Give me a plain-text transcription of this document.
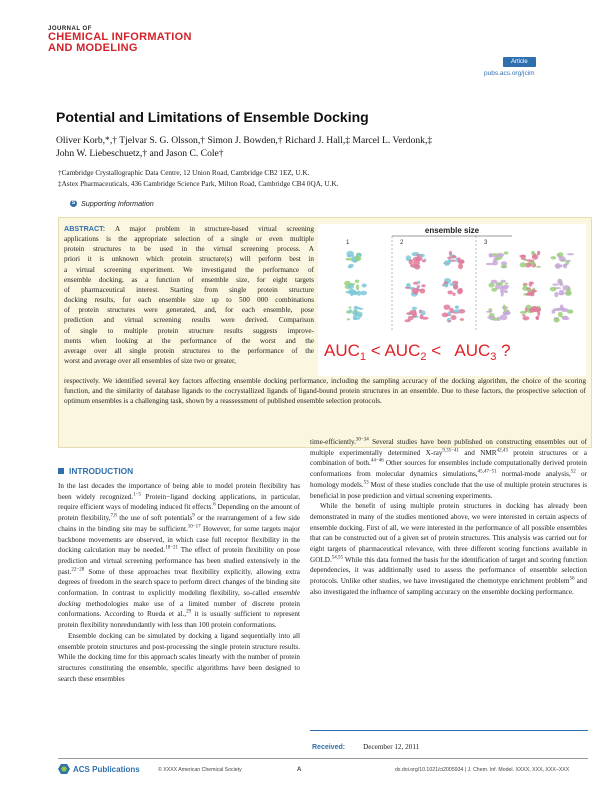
JOURNAL OF
CHEMICAL INFORMATION
AND MODELING
Article
pubs.acs.org/jcim
Potential and Limitations of Ensemble Docking
Oliver Korb,*,† Tjelvar S. G. Olsson,† Simon J. Bowden,† Richard J. Hall,‡ Marcel L. Verdonk,‡
John W. Liebeschuetz,† and Jason C. Cole†
†Cambridge Crystallographic Data Centre, 12 Union Road, Cambridge CB2 1EZ, U.K.
‡Astex Pharmaceuticals, 436 Cambridge Science Park, Milton Road, Cambridge CB4 0QA, U.K.
S Supporting Information
ABSTRACT: A major problem in structure-based virtual screening
applications is the appropriate selection of a single or even multiple
protein structures to be used in the virtual screening process. A
priori it is unknown which protein structure(s) will perform best in
a virtual screening experiment. We investigated the performance of
ensemble docking, as a function of ensemble size, for eight targets
of pharmaceutical interest. Starting from single protein structure
docking results, for each ensemble size up to 500 000 combinations
of protein structures were generated, and, for each ensemble, pose
prediction and virtual screening results were derived. Comparison
of single to multiple protein structure results suggests improve-
ments when looking at the performance of the worst and the
average over all single protein structures to the performance of the
worst and average over all ensembles of size two or greater,
respectively. We identified several key factors affecting ensemble docking performance, including the sampling accuracy of the docking algorithm, the choice of the scoring function, and the similarity of database ligands to the cocrystallized ligands of ligand-bound protein structures in an ensemble. Due to these factors, the prospective selection of optimum ensembles is a challenging task, shown by a reassessment of published ensemble selection protocols.
ensemble size
1	2	3
$AUC_1 < AUC_2 < AUC_3$ ?
INTRODUCTION

In the last decades the importance of being able to model protein flexibility has been widely recognized.$^{1-5}$ Protein−ligand docking applications, in particular, require efficient ways of modeling induced fit effects.$^6$ Depending on the amount of protein flexibility,$^{7,8}$ the use of soft potentials$^9$ or the rearrangement of a few side chains in the binding site may be sufficient.$^{10-17}$ However, for some targets major backbone movements are observed, in which case full receptor flexibility in the docking calculation may be needed.$^{18-21}$ The effect of protein flexibility on pose prediction and virtual screening performance has been studied extensively in the past.$^{22-28}$ Some of these approaches treat flexibility explicitly, allowing extra degrees of freedom in the search space to perform direct changes of the binding site conformation. In contrast to explicitly modeling flexibility, so-called ensemble docking methodologies make use of a limited number of discrete protein conformations. According to Rueda et al.,$^{29}$ it is usually sufficient to represent protein flexibility nonredundantly with less than 100 protein conformations.

Ensemble docking can be simulated by docking a ligand sequentially into all ensemble protein structures and post-processing the single protein structure results. While the docking time for this approach scales linearly with the number of protein structures constituting the ensemble, specific algorithms have been designed to search these ensembles

time-efficiently.$^{30-34}$ Several studies have been published on constructing ensembles out of multiple experimentally determined X-ray$^{9,35-41}$ and NMR$^{42,43}$ protein structures or a combination of both.$^{44-46}$ Other sources for ensembles include computationally derived protein conformations from molecular dynamics simulations,$^{45,47-51}$ normal-mode analysis,$^{52}$ or homology models.$^{53}$ Most of these studies conclude that the use of multiple protein structures is beneficial in pose prediction and virtual screening experiments.

While the benefit of using multiple protein structures in docking has already been demonstrated in many of the studies mentioned above, we were interested in certain aspects of ensemble docking. First of all, we were interested in the performance of all possible ensembles that can be constructed out of a given set of protein structures. This analysis was carried out for eight targets of pharmaceutical relevance, with three different scoring functions available in GOLD.$^{54,55}$ While this data formed the basis for the identification of target and scoring function dependencies, it was additionally used to assess the performance of ensemble selection protocols. Unlike other studies, we have investigated the chemotype enrichment problem$^{56}$ and also investigated the influence of sampling accuracy on the ensemble docking performance.

Received:	December 12, 2011
ACS Publications	© XXXX American Chemical Society	A	dx.doi.org/10.1021/ci2005934 | J. Chem. Inf. Model. XXXX, XXX, XXX−XXX
